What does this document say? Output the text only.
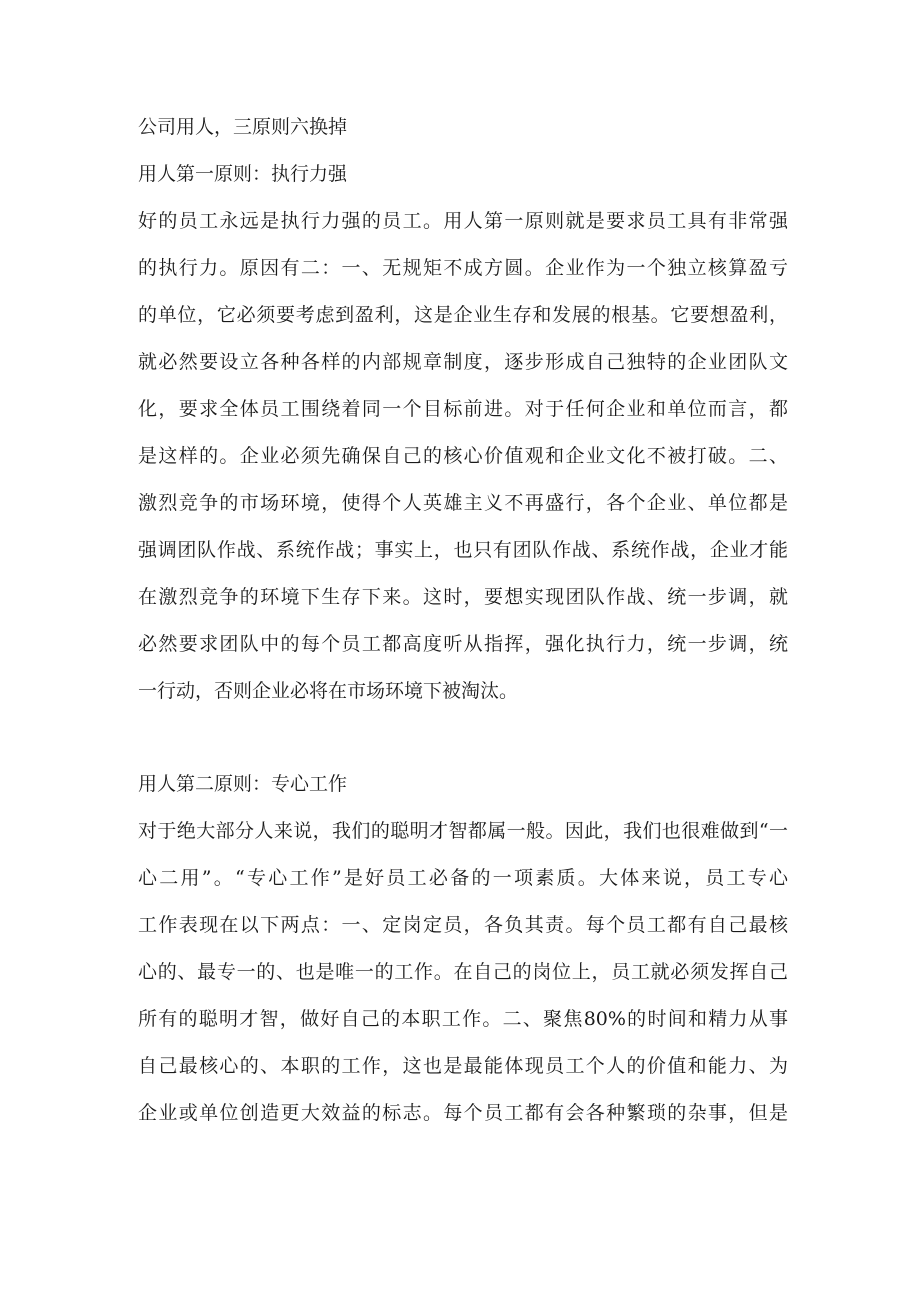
公司用人，三原则六换掉
用人第一原则：执行力强
好的员工永远是执行力强的员工。用人第一原则就是要求员工具有非常强
的执行力。原因有二：一、无规矩不成方圆。企业作为一个独立核算盈亏
的单位，它必须要考虑到盈利，这是企业生存和发展的根基。它要想盈利，
就必然要设立各种各样的内部规章制度，逐步形成自己独特的企业团队文
化，要求全体员工围绕着同一个目标前进。对于任何企业和单位而言，都
是这样的。企业必须先确保自己的核心价值观和企业文化不被打破。二、
激烈竞争的市场环境，使得个人英雄主义不再盛行，各个企业、单位都是
强调团队作战、系统作战；事实上，也只有团队作战、系统作战，企业才能
在激烈竞争的环境下生存下来。这时，要想实现团队作战、统一步调，就
必然要求团队中的每个员工都高度听从指挥，强化执行力，统一步调，统
一行动，否则企业必将在市场环境下被淘汰。
用人第二原则：专心工作
对于绝大部分人来说，我们的聪明才智都属一般。因此，我们也很难做到“一
心二用”。“专心工作”是好员工必备的一项素质。大体来说，员工专心
工作表现在以下两点：一、定岗定员，各负其责。每个员工都有自己最核
心的、最专一的、也是唯一的工作。在自己的岗位上，员工就必须发挥自己
所有的聪明才智，做好自己的本职工作。二、聚焦80%的时间和精力从事
自己最核心的、本职的工作，这也是最能体现员工个人的价值和能力、为
企业或单位创造更大效益的标志。每个员工都有会各种繁琐的杂事，但是
